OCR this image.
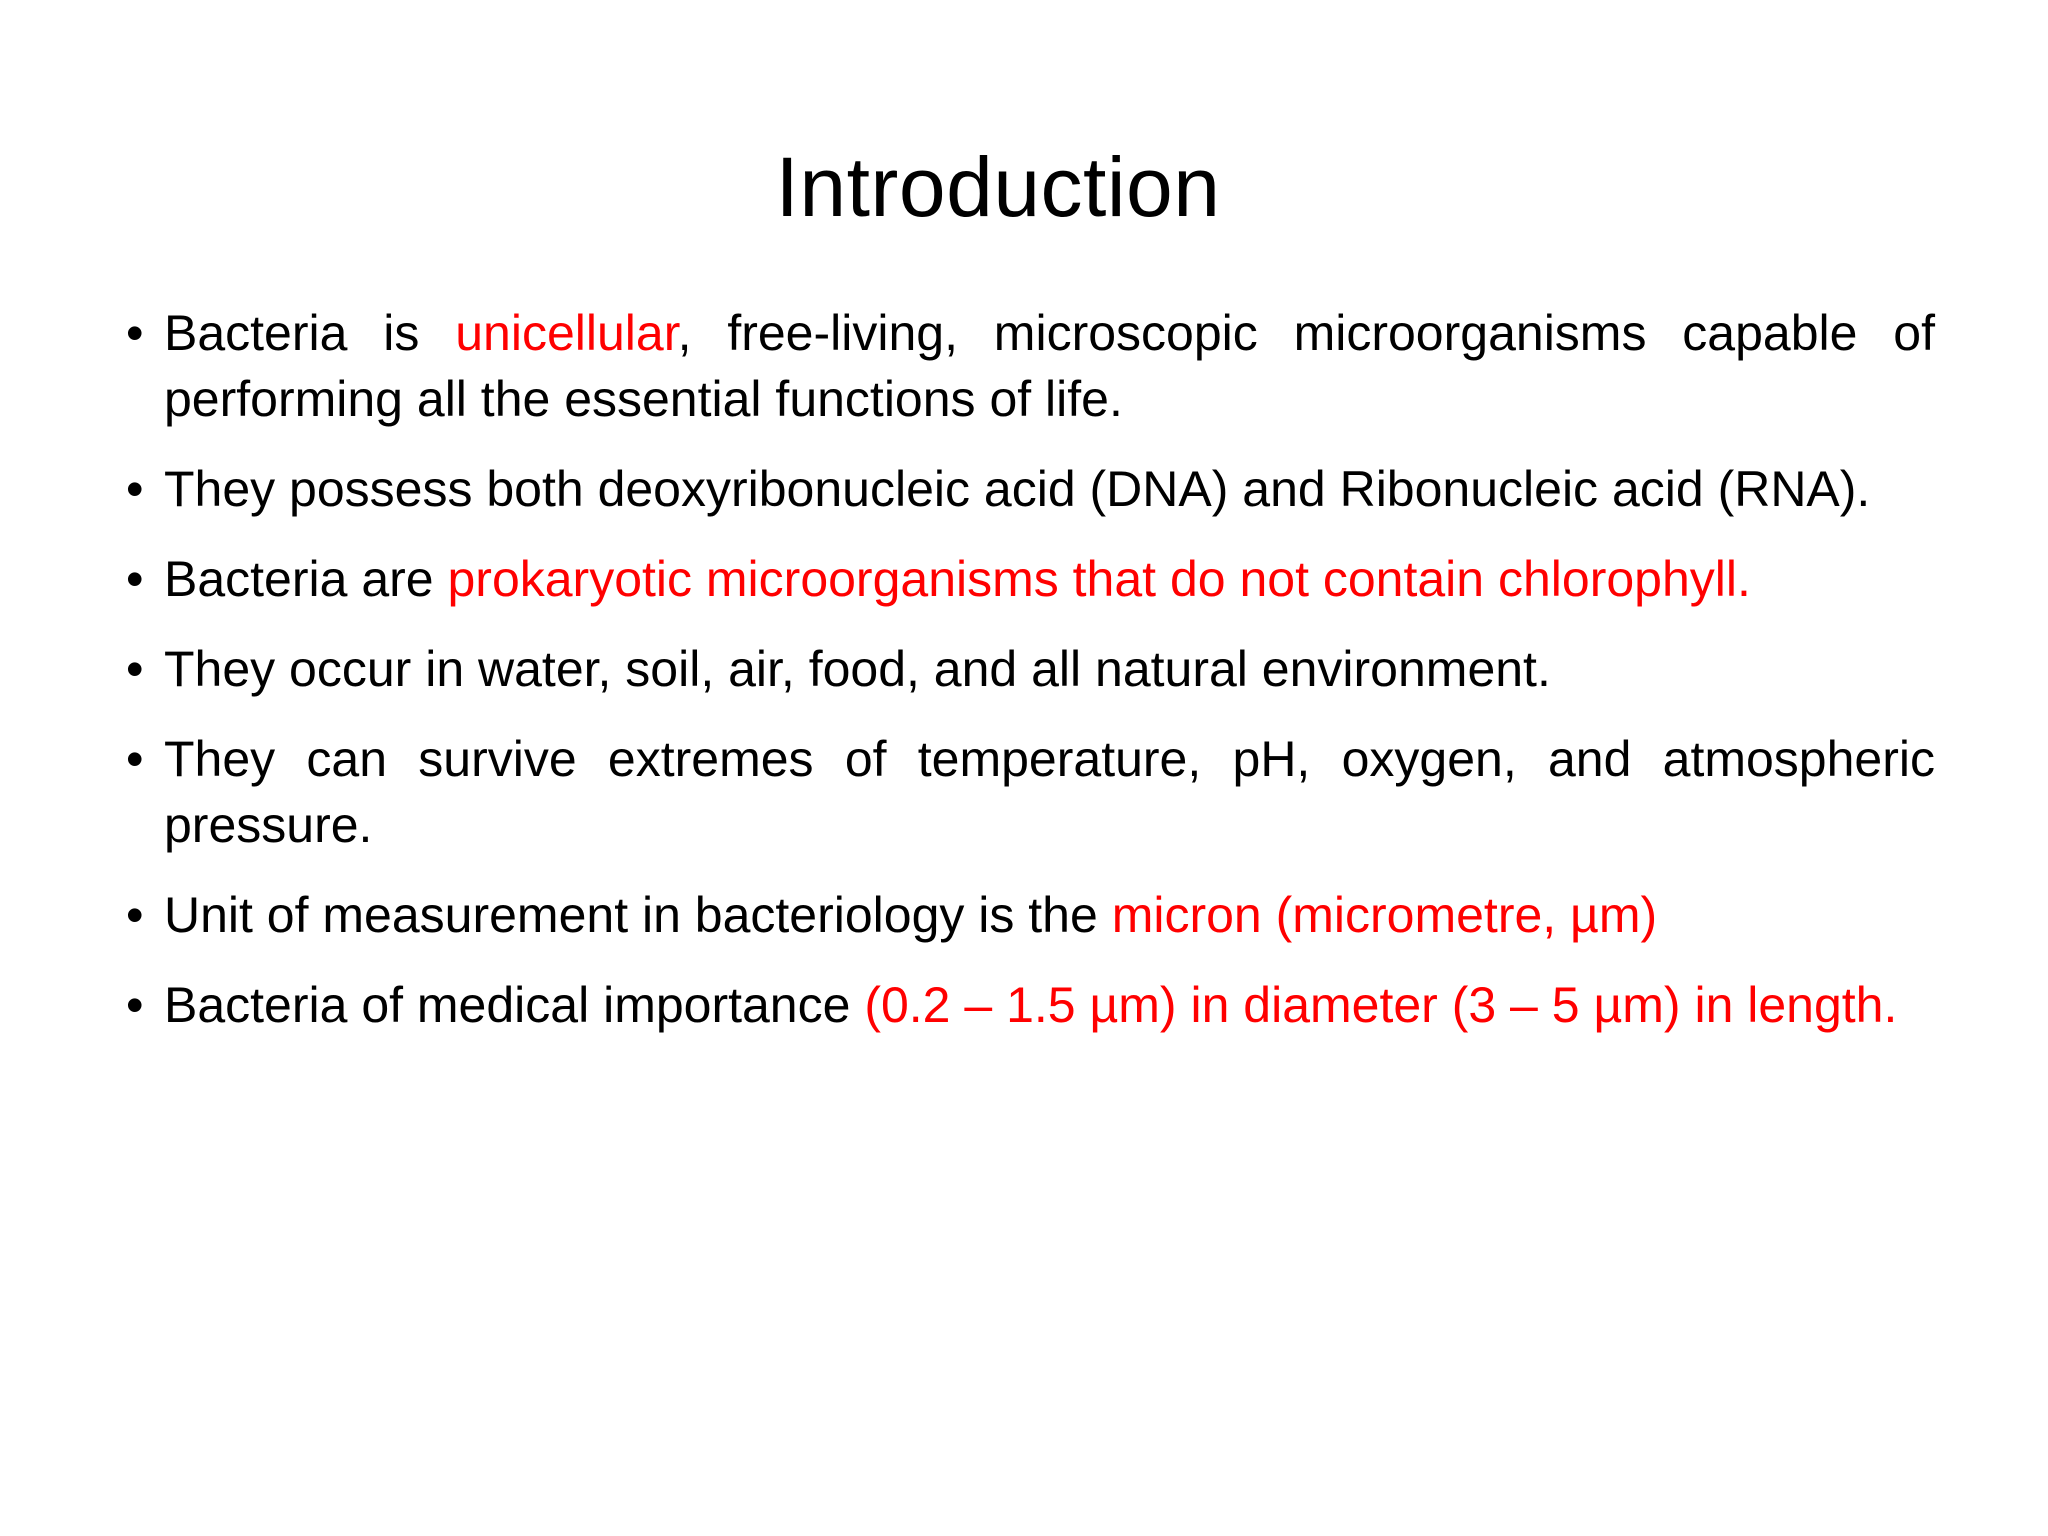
Introduction
• Bacteria is unicellular, free-living, microscopic microorganisms capable of performing all the essential functions of life.
• They possess both deoxyribonucleic acid (DNA) and Ribonucleic acid (RNA).
• Bacteria are prokaryotic microorganisms that do not contain chlorophyll.
• They occur in water, soil, air, food, and all natural environment.
• They can survive extremes of temperature, pH, oxygen, and atmospheric pressure.
• Unit of measurement in bacteriology is the micron (micrometre, µm)
• Bacteria of medical importance (0.2 – 1.5 µm) in diameter (3 – 5 µm) in length.
